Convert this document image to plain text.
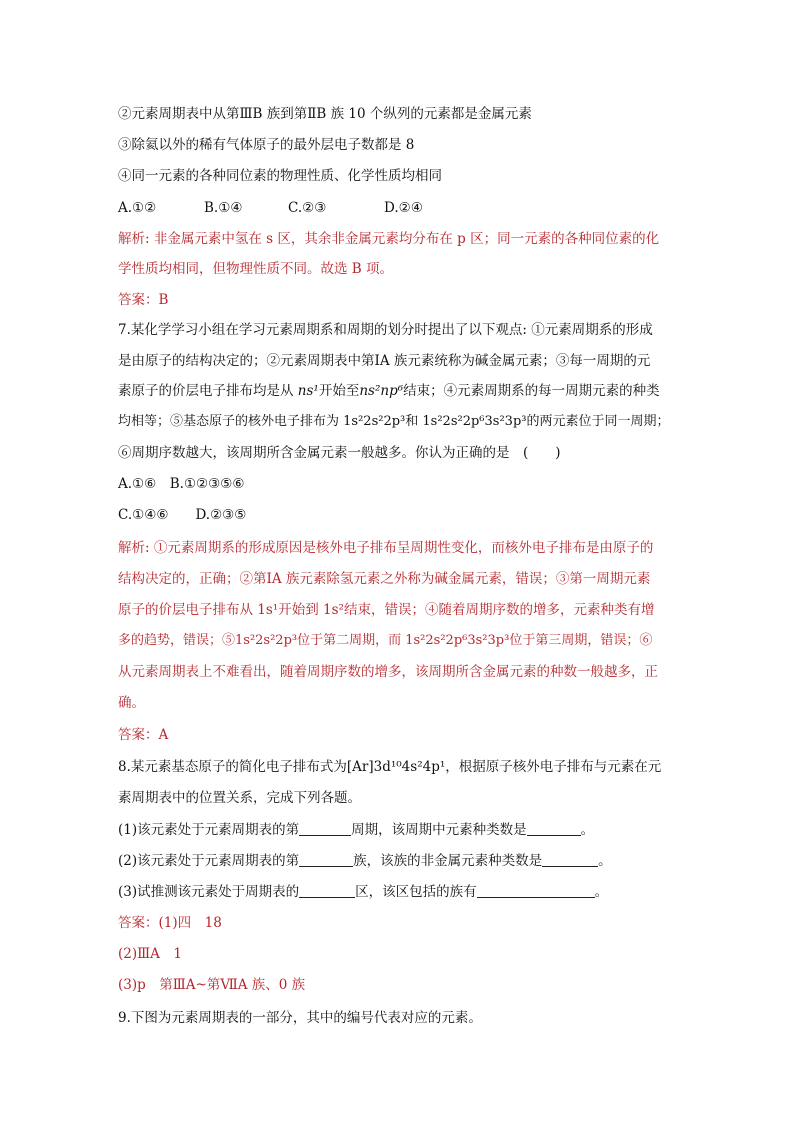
②元素周期表中从第ⅢB 族到第ⅡB 族 10 个纵列的元素都是金属元素
③除氦以外的稀有气体原子的最外层电子数都是 8
④同一元素的各种同位素的物理性质、化学性质均相同
A.①②	B.①④	C.②③	D.②④
解析: 非金属元素中氢在 s 区，其余非金属元素均分布在 p 区；同一元素的各种同位素的化
学性质均相同，但物理性质不同。故选 B 项。
答案：B
7.某化学学习小组在学习元素周期系和周期的划分时提出了以下观点: ①元素周期系的形成
是由原子的结构决定的；②元素周期表中第ⅠA 族元素统称为碱金属元素；③每一周期的元
素原子的价层电子排布均是从 ns¹开始至ns²np⁶结束；④元素周期系的每一周期元素的种类
均相等；⑤基态原子的核外电子排布为 1s²2s²2p³和 1s²2s²2p⁶3s²3p³的两元素位于同一周期；
⑥周期序数越大，该周期所含金属元素一般越多。你认为正确的是　(　　)
A.①⑥　B.①②③⑤⑥
C.①④⑥　　D.②③⑤
解析: ①元素周期系的形成原因是核外电子排布呈周期性变化，而核外电子排布是由原子的
结构决定的，正确；②第ⅠA 族元素除氢元素之外称为碱金属元素，错误；③第一周期元素
原子的价层电子排布从 1s¹开始到 1s²结束，错误；④随着周期序数的增多，元素种类有增
多的趋势，错误；⑤1s²2s²2p³位于第二周期，而 1s²2s²2p⁶3s²3p³位于第三周期，错误；⑥
从元素周期表上不难看出，随着周期序数的增多，该周期所含金属元素的种数一般越多，正
确。
答案：A
8.某元素基态原子的简化电子排布式为[Ar]3d¹⁰4s²4p¹，根据原子核外电子排布与元素在元
素周期表中的位置关系，完成下列各题。
(1)该元素处于元素周期表的第	周期，该周期中元素种类数是	。
(2)该元素处于元素周期表的第	族，该族的非金属元素种类数是	。
(3)试推测该元素处于周期表的	区，该区包括的族有	。
答案：(1)四　18
(2)ⅢA　1
(3)p　第ⅢA~第ⅦA 族、0 族
9.下图为元素周期表的一部分，其中的编号代表对应的元素。
